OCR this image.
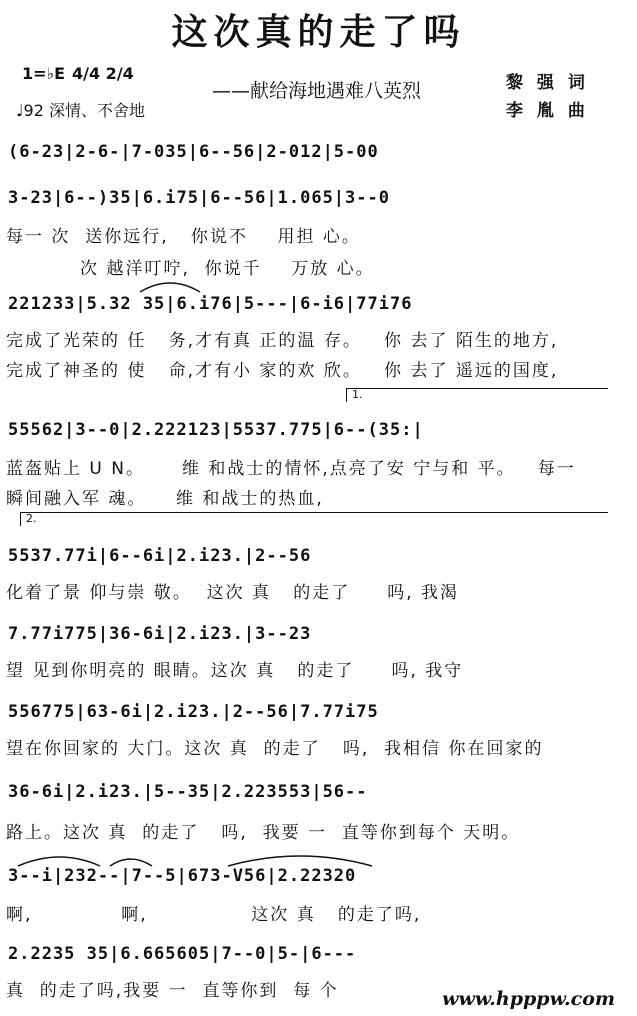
这次真的走了吗
1=♭E 4/4 2/4
♩92 深情、不舍地
——献给海地遇难八英烈	黎 强 词
李 胤 曲
(6-23|2-6-|7-035|6--56|2-012|5-00
3-23|6--)35|6.i75|6--56|1.065|3--0
每一 次  送你远行,   你说不    用担 心。
次 越洋叮咛,  你说千    万放 心。
221233|5.32 35|6.i76|5---|6-i6|77i76
完成了光荣的 任   务,才有真 正的温 存。   你 去了 陌生的地方,
完成了神圣的 使   命,才有小 家的欢 欣。   你 去了 遥远的国度,
1.
55562|3--0|2.222123|5537.775|6--(35:|
蓝盔贴上 U N。     维 和战士的情怀,点亮了安 宁与和 平。   每一
瞬间融入军 魂。    维 和战士的热血,
2.
5537.77i|6--6i|2.i23.|2--56
化着了景 仰与崇 敬。  这次 真   的走了     吗, 我渴
7.77i775|36-6i|2.i23.|3--23
望 见到你明亮的 眼睛。这次 真   的走了     吗, 我守
556775|63-6i|2.i23.|2--56|7.77i75
望在你回家的 大门。这次 真  的走了   吗,  我相信 你在回家的
36-6i|2.i23.|5--35|2.223553|56--
路上。这次 真  的走了   吗,  我要 一  直等你到每个 天明。
3--i|232--|7--5|673-V56|2.22320
啊,            啊,              这次 真   的走了吗,
2.2235 35|6.665605|7--0|5-|6---
真  的走了吗,我要 一  直等你到  每 个	www.hpppw.com
